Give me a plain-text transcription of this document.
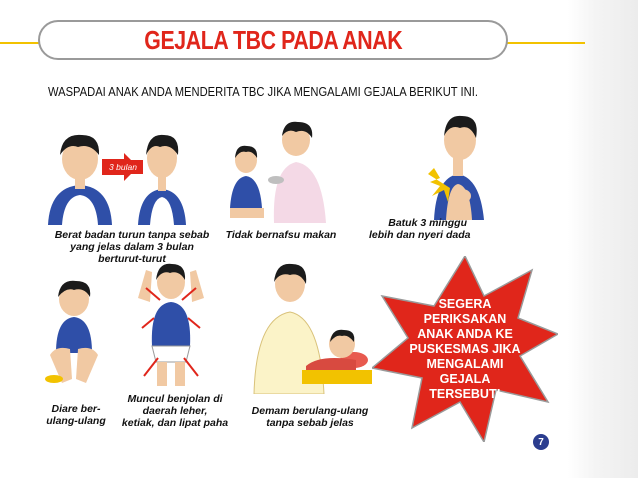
GEJALA TBC PADA ANAK
WASPADAI ANAK ANDA MENDERITA TBC JIKA MENGALAMI GEJALA BERIKUT INI.
3 bulan
Berat badan turun tanpa sebab
yang jelas dalam 3 bulan
berturut-turut
Tidak bernafsu makan
Batuk 3 minggu
lebih dan nyeri dada
Diare ber-
ulang-ulang
Muncul benjolan di
daerah leher,
ketiak, dan lipat paha
Demam berulang-ulang
tanpa sebab jelas
SEGERA
PERIKSAKAN
ANAK ANDA KE
PUSKESMAS JIKA
MENGALAMI
GEJALA
TERSEBUT!
7
